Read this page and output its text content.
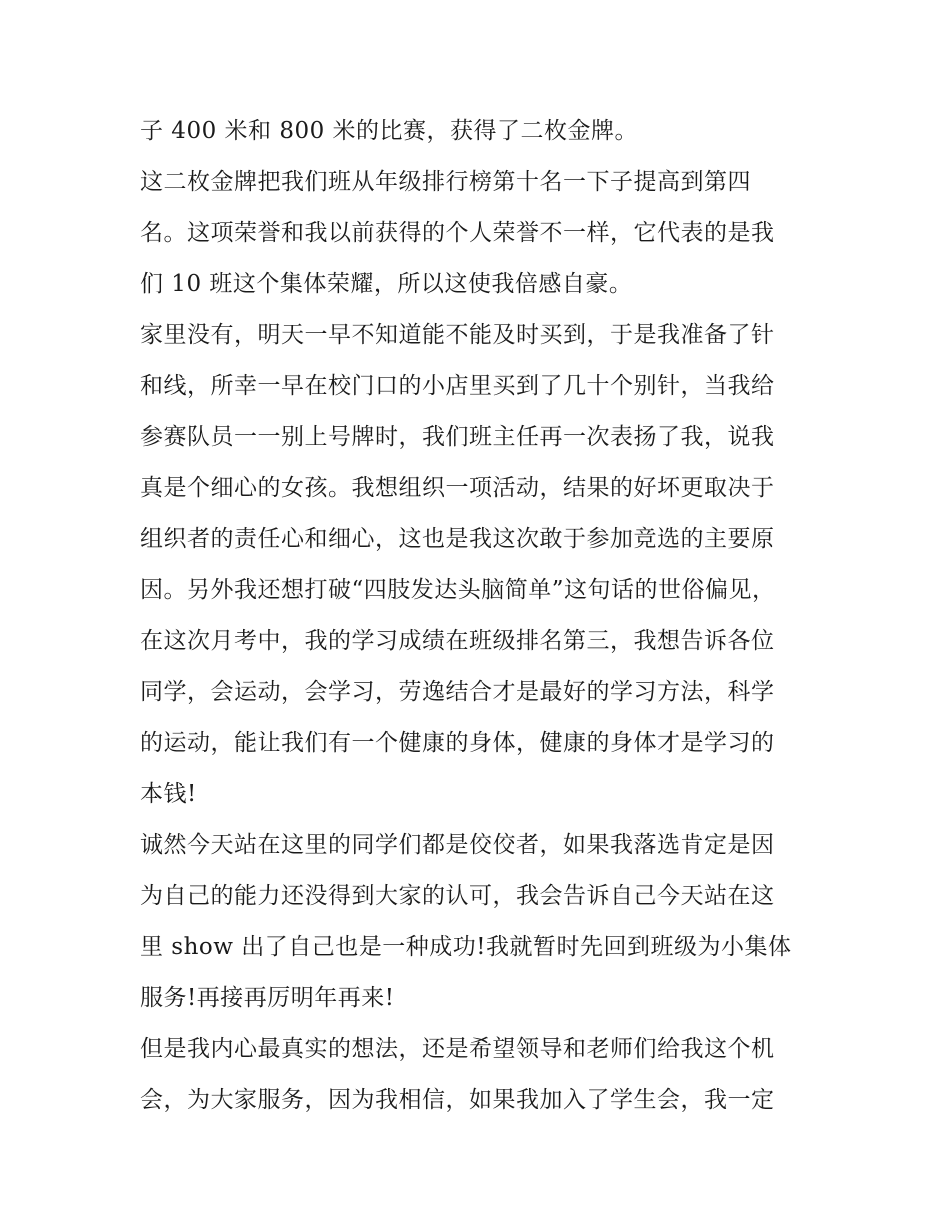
子 400 米和 800 米的比赛，获得了二枚金牌。
这二枚金牌把我们班从年级排行榜第十名一下子提高到第四
名。这项荣誉和我以前获得的个人荣誉不一样，它代表的是我
们 10 班这个集体荣耀，所以这使我倍感自豪。
家里没有，明天一早不知道能不能及时买到，于是我准备了针
和线，所幸一早在校门口的小店里买到了几十个别针，当我给
参赛队员一一别上号牌时，我们班主任再一次表扬了我，说我
真是个细心的女孩。我想组织一项活动，结果的好坏更取决于
组织者的责任心和细心，这也是我这次敢于参加竞选的主要原
因。另外我还想打破“四肢发达头脑简单”这句话的世俗偏见，
在这次月考中，我的学习成绩在班级排名第三，我想告诉各位
同学，会运动，会学习，劳逸结合才是最好的学习方法，科学
的运动，能让我们有一个健康的身体，健康的身体才是学习的
本钱!
诚然今天站在这里的同学们都是佼佼者，如果我落选肯定是因
为自己的能力还没得到大家的认可，我会告诉自己今天站在这
里 show 出了自己也是一种成功!我就暂时先回到班级为小集体
服务!再接再厉明年再来!
但是我内心最真实的想法，还是希望领导和老师们给我这个机
会，为大家服务，因为我相信，如果我加入了学生会，我一定
